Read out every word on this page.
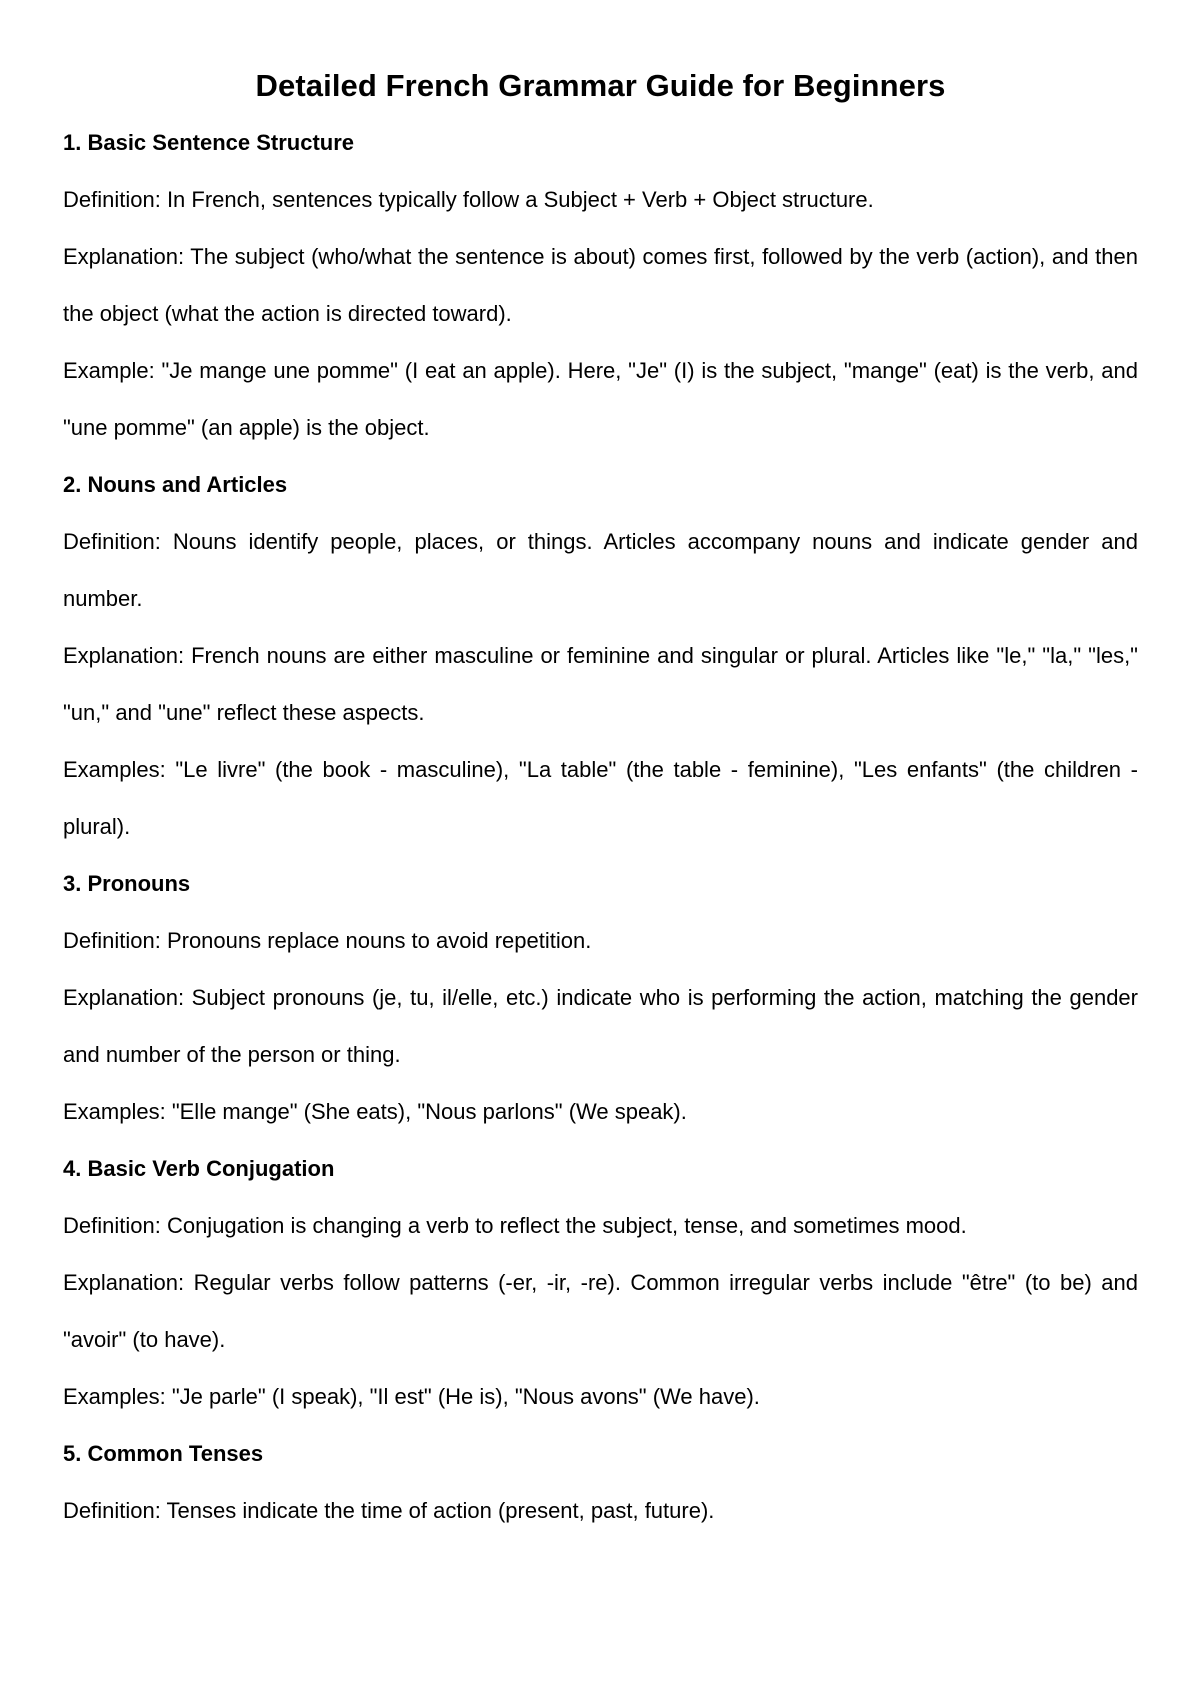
Detailed French Grammar Guide for Beginners
1. Basic Sentence Structure

Definition: In French, sentences typically follow a Subject + Verb + Object structure.

Explanation: The subject (who/what the sentence is about) comes first, followed by the verb (action), and then the object (what the action is directed toward).

Example: "Je mange une pomme" (I eat an apple). Here, "Je" (I) is the subject, "mange" (eat) is the verb, and "une pomme" (an apple) is the object.

2. Nouns and Articles

Definition: Nouns identify people, places, or things. Articles accompany nouns and indicate gender and number.

Explanation: French nouns are either masculine or feminine and singular or plural. Articles like "le," "la," "les," "un," and "une" reflect these aspects.

Examples: "Le livre" (the book - masculine), "La table" (the table - feminine), "Les enfants" (the children - plural).

3. Pronouns

Definition: Pronouns replace nouns to avoid repetition.

Explanation: Subject pronouns (je, tu, il/elle, etc.) indicate who is performing the action, matching the gender and number of the person or thing.

Examples: "Elle mange" (She eats), "Nous parlons" (We speak).

4. Basic Verb Conjugation

Definition: Conjugation is changing a verb to reflect the subject, tense, and sometimes mood.

Explanation: Regular verbs follow patterns (-er, -ir, -re). Common irregular verbs include "être" (to be) and "avoir" (to have).

Examples: "Je parle" (I speak), "Il est" (He is), "Nous avons" (We have).

5. Common Tenses

Definition: Tenses indicate the time of action (present, past, future).
